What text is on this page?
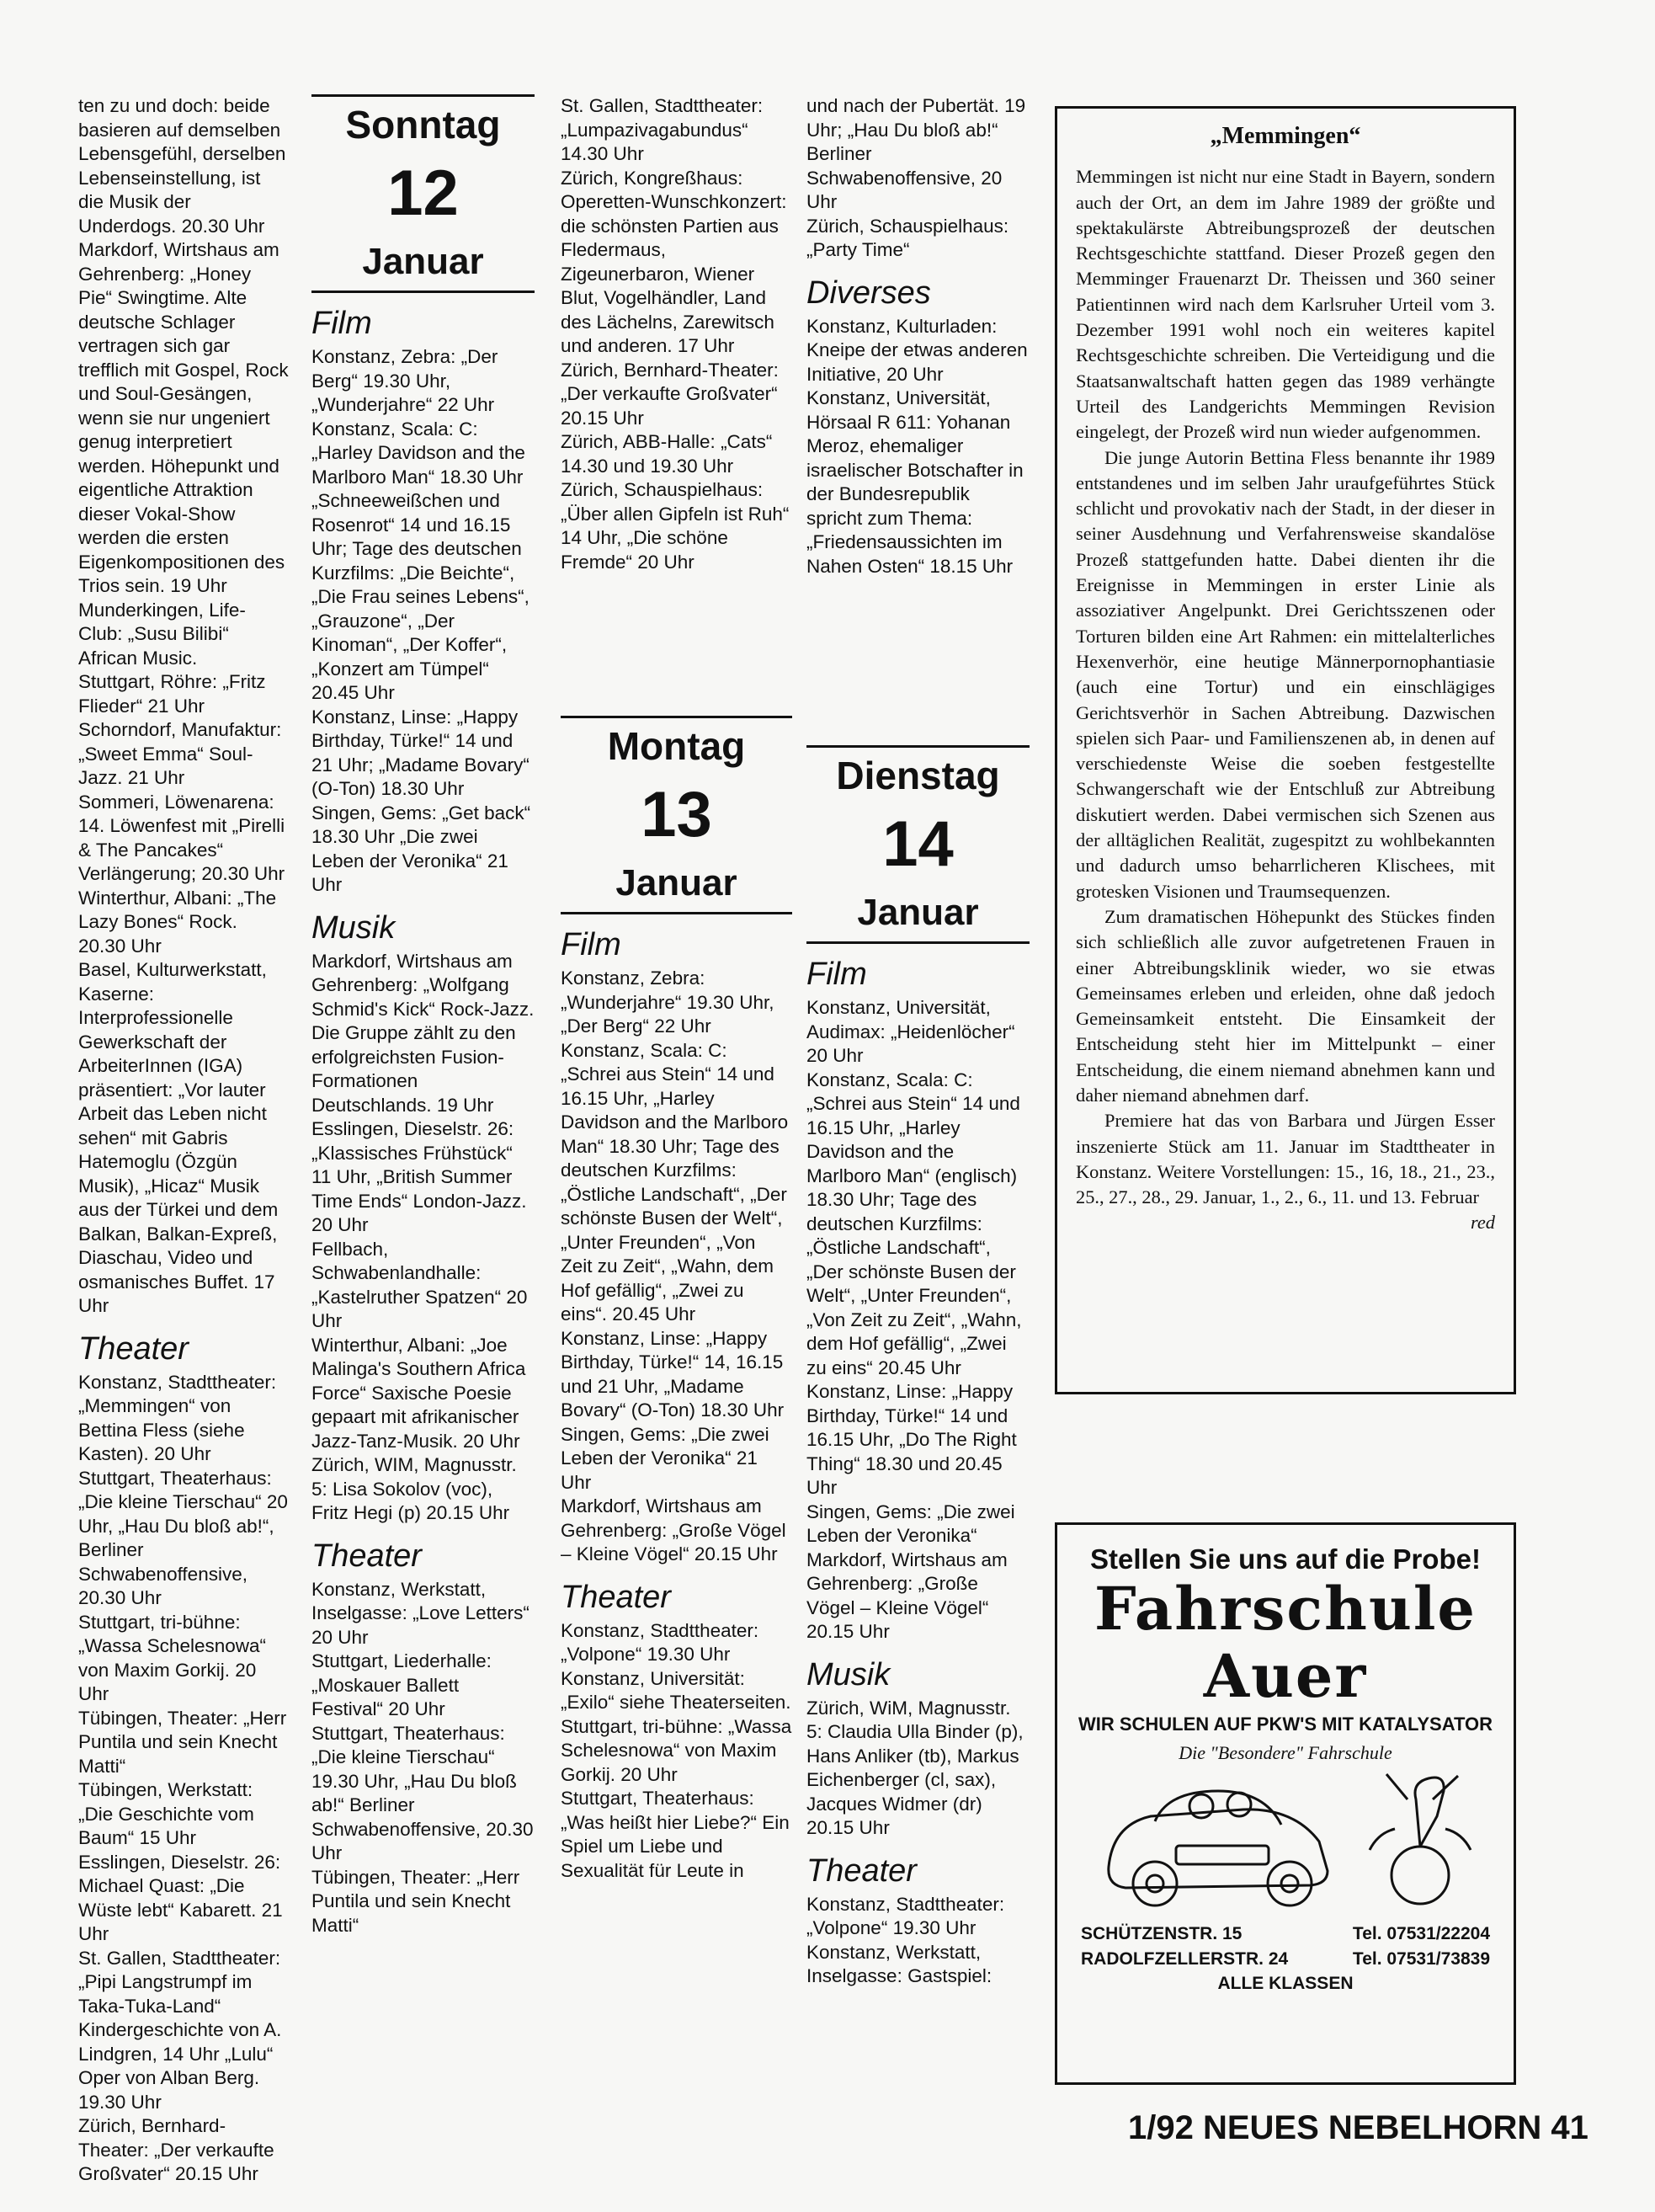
ten zu und doch: beide basieren auf demselben Lebensgefühl, derselben Lebenseinstellung, ist die Musik der Underdogs. 20.30 Uhr

Markdorf, Wirtshaus am Gehrenberg: „Honey Pie“ Swingtime. Alte deutsche Schlager vertragen sich gar trefflich mit Gospel, Rock und Soul-Gesängen, wenn sie nur ungeniert genug interpretiert werden. Höhepunkt und eigentliche Attraktion dieser Vokal-Show werden die ersten Eigenkompositionen des Trios sein. 19 Uhr

Munderkingen, Life-Club: „Susu Bilibi“ African Music.

Stuttgart, Röhre: „Fritz Flieder“ 21 Uhr

Schorndorf, Manufaktur: „Sweet Emma“ Soul-Jazz. 21 Uhr

Sommeri, Löwenarena: 14. Löwenfest mit „Pirelli & The Pancakes“ Verlängerung; 20.30 Uhr

Winterthur, Albani: „The Lazy Bones“ Rock. 20.30 Uhr

Basel, Kulturwerkstatt, Kaserne: Interprofessionelle Gewerkschaft der ArbeiterInnen (IGA) präsentiert: „Vor lauter Arbeit das Leben nicht sehen“ mit Gabris Hatemoglu (Özgün Musik), „Hicaz“ Musik aus der Türkei und dem Balkan, Balkan-Expreß, Diaschau, Video und osmanisches Buffet. 17 Uhr

Theater

Konstanz, Stadttheater: „Memmingen“ von Bettina Fless (siehe Kasten). 20 Uhr

Stuttgart, Theaterhaus: „Die kleine Tierschau“ 20 Uhr, „Hau Du bloß ab!“, Berliner Schwabenoffensive, 20.30 Uhr

Stuttgart, tri-bühne: „Wassa Schelesnowa“ von Maxim Gorkij. 20 Uhr

Tübingen, Theater: „Herr Puntila und sein Knecht Matti“

Tübingen, Werkstatt: „Die Geschichte vom Baum“ 15 Uhr

Esslingen, Dieselstr. 26: Michael Quast: „Die Wüste lebt“ Kabarett. 21 Uhr

St. Gallen, Stadttheater: „Pipi Langstrumpf im Taka-Tuka-Land“ Kindergeschichte von A. Lindgren, 14 Uhr „Lulu“ Oper von Alban Berg. 19.30 Uhr

Zürich, Bernhard-Theater: „Der verkaufte Großvater“ 20.15 Uhr

Sonntag
12
Januar
Film

Konstanz, Zebra: „Der Berg“ 19.30 Uhr, „Wunderjahre“ 22 Uhr

Konstanz, Scala: C: „Harley Davidson and the Marlboro Man“ 18.30 Uhr „Schneeweißchen und Rosenrot“ 14 und 16.15 Uhr; Tage des deutschen Kurzfilms: „Die Beichte“, „Die Frau seines Lebens“, „Grauzone“, „Der Kinoman“, „Der Koffer“, „Konzert am Tümpel“ 20.45 Uhr

Konstanz, Linse: „Happy Birthday, Türke!“ 14 und 21 Uhr; „Madame Bovary“ (O-Ton) 18.30 Uhr

Singen, Gems: „Get back“ 18.30 Uhr „Die zwei Leben der Veronika“ 21 Uhr

Musik

Markdorf, Wirtshaus am Gehrenberg: „Wolfgang Schmid's Kick“ Rock-Jazz. Die Gruppe zählt zu den erfolgreichsten Fusion-Formationen Deutschlands. 19 Uhr

Esslingen, Dieselstr. 26: „Klassisches Frühstück“ 11 Uhr, „British Summer Time Ends“ London-Jazz. 20 Uhr

Fellbach, Schwabenlandhalle: „Kastelruther Spatzen“ 20 Uhr

Winterthur, Albani: „Joe Malinga's Southern Africa Force“ Saxische Poesie gepaart mit afrikanischer Jazz-Tanz-Musik. 20 Uhr

Zürich, WIM, Magnusstr. 5: Lisa Sokolov (voc), Fritz Hegi (p) 20.15 Uhr

Theater

Konstanz, Werkstatt, Inselgasse: „Love Letters“ 20 Uhr

Stuttgart, Liederhalle: „Moskauer Ballett Festival“ 20 Uhr

Stuttgart, Theaterhaus: „Die kleine Tierschau“ 19.30 Uhr, „Hau Du bloß ab!“ Berliner Schwabenoffensive, 20.30 Uhr

Tübingen, Theater: „Herr Puntila und sein Knecht Matti“

St. Gallen, Stadttheater: „Lumpazivagabundus“ 14.30 Uhr

Zürich, Kongreßhaus: Operetten-Wunschkonzert: die schönsten Partien aus Fledermaus, Zigeunerbaron, Wiener Blut, Vogelhändler, Land des Lächelns, Zarewitsch und anderen. 17 Uhr

Zürich, Bernhard-Theater: „Der verkaufte Großvater“ 20.15 Uhr

Zürich, ABB-Halle: „Cats“ 14.30 und 19.30 Uhr

Zürich, Schauspielhaus: „Über allen Gipfeln ist Ruh“ 14 Uhr, „Die schöne Fremde“ 20 Uhr

Montag
13
Januar
Film

Konstanz, Zebra: „Wunderjahre“ 19.30 Uhr, „Der Berg“ 22 Uhr

Konstanz, Scala: C: „Schrei aus Stein“ 14 und 16.15 Uhr, „Harley Davidson and the Marlboro Man“ 18.30 Uhr; Tage des deutschen Kurzfilms: „Östliche Landschaft“, „Der schönste Busen der Welt“, „Unter Freunden“, „Von Zeit zu Zeit“, „Wahn, dem Hof gefällig“, „Zwei zu eins“. 20.45 Uhr

Konstanz, Linse: „Happy Birthday, Türke!“ 14, 16.15 und 21 Uhr, „Madame Bovary“ (O-Ton) 18.30 Uhr

Singen, Gems: „Die zwei Leben der Veronika“ 21 Uhr

Markdorf, Wirtshaus am Gehrenberg: „Große Vögel – Kleine Vögel“ 20.15 Uhr

Theater

Konstanz, Stadttheater: „Volpone“ 19.30 Uhr

Konstanz, Universität: „Exilo“ siehe Theaterseiten.

Stuttgart, tri-bühne: „Wassa Schelesnowa“ von Maxim Gorkij. 20 Uhr

Stuttgart, Theaterhaus: „Was heißt hier Liebe?“ Ein Spiel um Liebe und Sexualität für Leute in

und nach der Pubertät. 19 Uhr; „Hau Du bloß ab!“ Berliner Schwabenoffensive, 20 Uhr

Zürich, Schauspielhaus: „Party Time“

Diverses

Konstanz, Kulturladen: Kneipe der etwas anderen Initiative, 20 Uhr

Konstanz, Universität, Hörsaal R 611: Yohanan Meroz, ehemaliger israelischer Botschafter in der Bundesrepublik spricht zum Thema: „Friedensaussichten im Nahen Osten“ 18.15 Uhr

Dienstag
14
Januar
Film

Konstanz, Universität, Audimax: „Heidenlöcher“ 20 Uhr

Konstanz, Scala: C: „Schrei aus Stein“ 14 und 16.15 Uhr, „Harley Davidson and the Marlboro Man“ (englisch) 18.30 Uhr; Tage des deutschen Kurzfilms: „Östliche Landschaft“, „Der schönste Busen der Welt“, „Unter Freunden“, „Von Zeit zu Zeit“, „Wahn, dem Hof gefällig“, „Zwei zu eins“ 20.45 Uhr

Konstanz, Linse: „Happy Birthday, Türke!“ 14 und 16.15 Uhr, „Do The Right Thing“ 18.30 und 20.45 Uhr

Singen, Gems: „Die zwei Leben der Veronika“

Markdorf, Wirtshaus am Gehrenberg: „Große Vögel – Kleine Vögel“ 20.15 Uhr

Musik

Zürich, WiM, Magnusstr. 5: Claudia Ulla Binder (p), Hans Anliker (tb), Markus Eichenberger (cl, sax), Jacques Widmer (dr) 20.15 Uhr

Theater

Konstanz, Stadttheater: „Volpone“ 19.30 Uhr

Konstanz, Werkstatt, Inselgasse: Gastspiel:

„Memmingen“

Memmingen ist nicht nur eine Stadt in Bayern, sondern auch der Ort, an dem im Jahre 1989 der größte und spektakulärste Abtreibungsprozeß der deutschen Rechtsgeschichte stattfand. Dieser Prozeß gegen den Memminger Frauenarzt Dr. Theissen und 360 seiner Patientinnen wird nach dem Karlsruher Urteil vom 3. Dezember 1991 wohl noch ein weiteres kapitel Rechtsgeschichte schreiben. Die Verteidigung und die Staatsanwaltschaft hatten gegen das 1989 verhängte Urteil des Landgerichts Memmingen Revision eingelegt, der Prozeß wird nun wieder aufgenommen.

Die junge Autorin Bettina Fless benannte ihr 1989 entstandenes und im selben Jahr uraufgeführtes Stück schlicht und provokativ nach der Stadt, in der dieser in seiner Ausdehnung und Verfahrensweise skandalöse Prozeß stattgefunden hatte. Dabei dienten ihr die Ereignisse in Memmingen in erster Linie als assoziativer Angelpunkt. Drei Gerichtsszenen oder Torturen bilden eine Art Rahmen: ein mittelalterliches Hexenverhör, eine heutige Männerpornophantiasie (auch eine Tortur) und ein einschlägiges Gerichtsverhör in Sachen Abtreibung. Dazwischen spielen sich Paar- und Familienszenen ab, in denen auf verschiedenste Weise die soeben festgestellte Schwangerschaft wie der Entschluß zur Abtreibung diskutiert werden. Dabei vermischen sich Szenen aus der alltäglichen Realität, zugespitzt zu wohlbekannten und dadurch umso beharrlicheren Klischees, mit grotesken Visionen und Traumsequenzen.

Zum dramatischen Höhepunkt des Stückes finden sich schließlich alle zuvor aufgetretenen Frauen in einer Abtreibungsklinik wieder, wo sie etwas Gemeinsames erleben und erleiden, ohne daß jedoch Gemeinsamkeit entsteht. Die Einsamkeit der Entscheidung steht hier im Mittelpunkt – einer Entscheidung, die einem niemand abnehmen kann und daher niemand abnehmen darf.

Premiere hat das von Barbara und Jürgen Esser inszenierte Stück am 11. Januar im Stadttheater in Konstanz. Weitere Vorstellungen: 15., 16, 18., 21., 23., 25., 27., 28., 29. Januar, 1., 2., 6., 11. und 13. Februar

red

Stellen Sie uns auf die Probe!
Fahrschule
Auer
WIR SCHULEN AUF PKW'S MIT KATALYSATOR
Die "Besondere" Fahrschule
SCHÜTZENSTR. 15	Tel. 07531/22204
RADOLFZELLERSTR. 24	Tel. 07531/73839
ALLE KLASSEN
1/92 NEUES NEBELHORN 41
